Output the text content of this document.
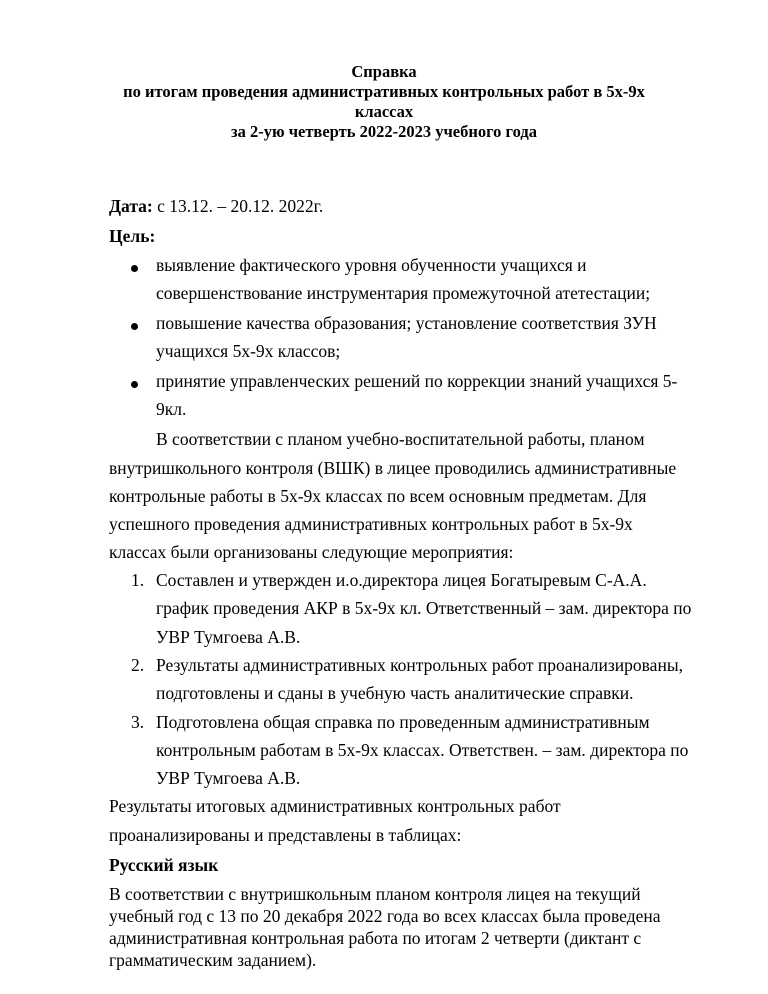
Справка
по итогам проведения административных контрольных работ в 5х-9х
классах
за 2-ую четверть 2022-2023 учебного года
Дата: с 13.12. – 20.12. 2022г.
Цель:
выявление фактического уровня обученности учащихся и
совершенствование инструментария промежуточной атетестации;
повышение качества образования; установление соответствия ЗУН
учащихся 5х-9х классов;
принятие управленческих решений по коррекции знаний учащихся 5-
9кл.
В соответствии с планом учебно-воспитательной работы, планом
внутришкольного контроля (ВШК) в лицее проводились административные
контрольные работы в 5х-9х классах по всем основным предметам. Для
успешного проведения административных контрольных работ в 5х-9х
классах были организованы следующие мероприятия:
1. Составлен и утвержден и.о.директора лицея Богатыревым С-А.А.
график проведения АКР в 5х-9х кл. Ответственный – зам. директора по
УВР Тумгоева А.В.
2. Результаты административных контрольных работ проанализированы,
подготовлены и сданы в учебную часть аналитические справки.
3. Подготовлена общая справка по проведенным административным
контрольным работам в 5х-9х классах. Ответствен. – зам. директора по
УВР Тумгоева А.В.
Результаты итоговых административных контрольных работ
проанализированы и представлены в таблицах:
Русский язык
В соответствии с внутришкольным планом контроля лицея на текущий
учебный год с 13 по 20 декабря 2022 года во всех классах была проведена
административная контрольная работа по итогам 2 четверти (диктант с
грамматическим заданием).
